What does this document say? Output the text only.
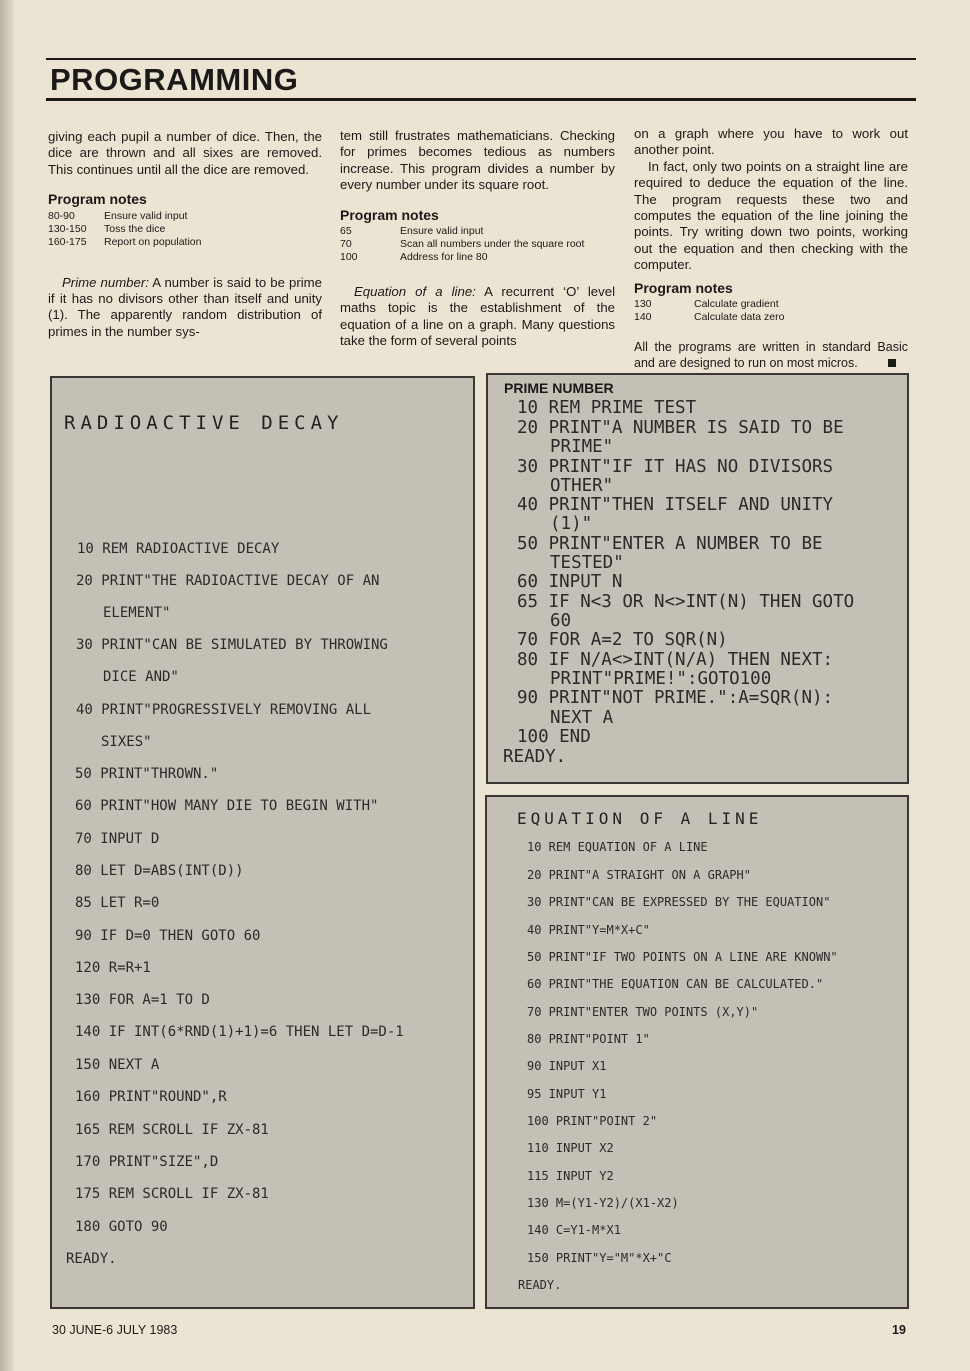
PROGRAMMING

giving each pupil a number of dice. Then, the dice are thrown and all sixes are removed. This continues until all the dice are removed.

Program notes
80-90	Ensure valid input
130-150	Toss the dice
160-175	Report on population

Prime number: A number is said to be prime if it has no divisors other than itself and unity (1). The apparently random distribution of primes in the number sys-

tem still frustrates mathematicians. Checking for primes becomes tedious as numbers increase. This program divides a number by every number under its square root.

Program notes
65	Ensure valid input
70	Scan all numbers under the square root
100	Address for line 80

Equation of a line: A recurrent ‘O’ level maths topic is the establishment of the equation of a line on a graph. Many questions take the form of several points

on a graph where you have to work out another point.

In fact, only two points on a straight line are required to deduce the equation of the line. The program requests these two and computes the equation of the line joining the points. Try writing down two points, working out the equation and then checking with the computer.

Program notes
130	Calculate gradient
140	Calculate data zero

All the programs are written in standard Basic and are designed to run on most micros.

RADIOACTIVE DECAY
10 REM RADIOACTIVE DECAY
20 PRINT"THE RADIOACTIVE DECAY OF AN
ELEMENT"
30 PRINT"CAN BE SIMULATED BY THROWING
DICE AND"
40 PRINT"PROGRESSIVELY REMOVING ALL
SIXES"
50 PRINT"THROWN."
60 PRINT"HOW MANY DIE TO BEGIN WITH"
70 INPUT D
80 LET D=ABS(INT(D))
85 LET R=0
90 IF D=0 THEN GOTO 60
120 R=R+1
130 FOR A=1 TO D
140 IF INT(6*RND(1)+1)=6 THEN LET D=D-1
150 NEXT A
160 PRINT"ROUND",R
165 REM SCROLL IF ZX-81
170 PRINT"SIZE",D
175 REM SCROLL IF ZX-81
180 GOTO 90
READY.
PRIME NUMBER
10 REM PRIME TEST
20 PRINT"A NUMBER IS SAID TO BE
PRIME"
30 PRINT"IF IT HAS NO DIVISORS
OTHER"
40 PRINT"THEN ITSELF AND UNITY
(1)"
50 PRINT"ENTER A NUMBER TO BE
TESTED"
60 INPUT N
65 IF N<3 OR N<>INT(N) THEN GOTO
60
70 FOR A=2 TO SQR(N)
80 IF N/A<>INT(N/A) THEN NEXT:
PRINT"PRIME!":GOTO100
90 PRINT"NOT PRIME.":A=SQR(N):
NEXT A
100 END
READY.
EQUATION OF A LINE
10 REM EQUATION OF A LINE
20 PRINT"A STRAIGHT ON A GRAPH"
30 PRINT"CAN BE EXPRESSED BY THE EQUATION"
40 PRINT"Y=M*X+C"
50 PRINT"IF TWO POINTS ON A LINE ARE KNOWN"
60 PRINT"THE EQUATION CAN BE CALCULATED."
70 PRINT"ENTER TWO POINTS (X,Y)"
80 PRINT"POINT 1"
90 INPUT X1
95 INPUT Y1
100 PRINT"POINT 2"
110 INPUT X2
115 INPUT Y2
130 M=(Y1-Y2)/(X1-X2)
140 C=Y1-M*X1
150 PRINT"Y="M"*X+"C
READY.
30 JUNE-6 JULY 1983	19
